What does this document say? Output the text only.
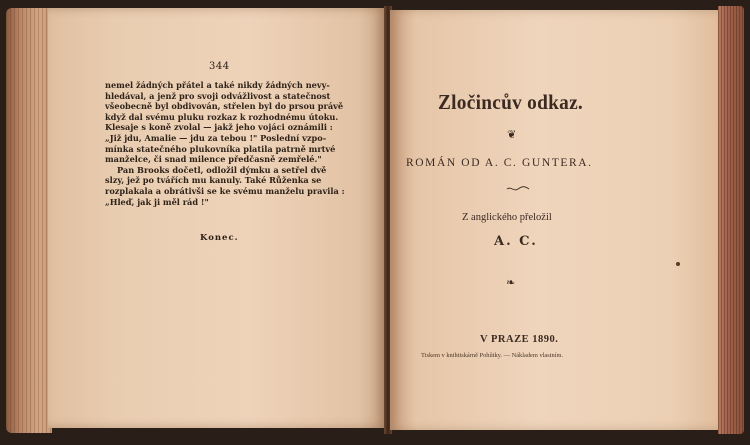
344
nemel žádných přátel a také nikdy žádných nevy-
hledával, a jenž pro svoji odvážlivost a statečnost
všeobecně byl obdivován, střelen byl do prsou právě
když dal svému pluku rozkaz k rozhodnému útoku.
Klesaje s koně zvolal — jakž jeho vojáci oznámili :
„Již jdu, Amalie — jdu za tebou !" Poslední vzpo-
mínka statečného plukovníka platila patrně mrtvé
manželce, či snad milence předčasně zemřelé."
Pan Brooks dočetl, odložil dýmku a setřel dvě
slzy, jež po tvářích mu kanuly. Také Růženka se
rozplakala a obrátivši se ke svému manželu pravila :
„Hleď, jak ji měl rád !"
Konec.
Zločincův odkaz.
❦
ROMÁN OD A. C. GUNTERA.
Z anglického přeložil
A. C.
❧
V PRAZE 1890.
Tiskem v knihtiskárně Pohůtky. — Nákladem vlastním.
